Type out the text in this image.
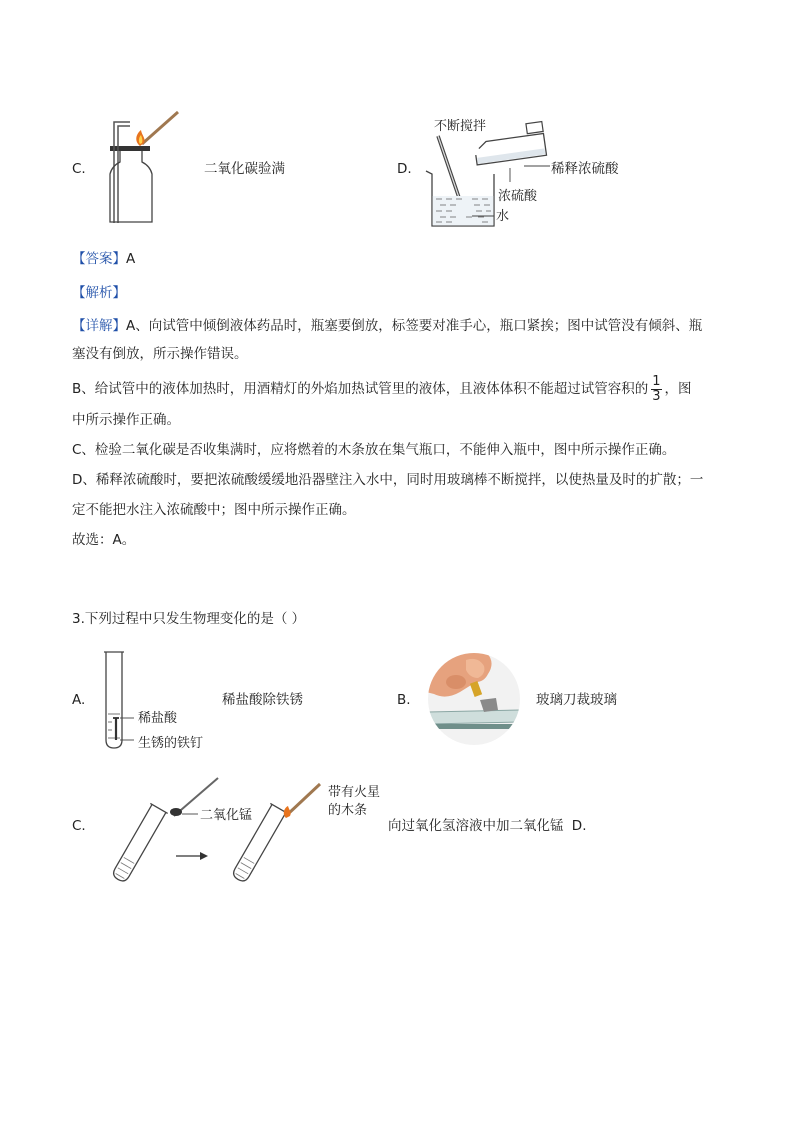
C.	二氧化碳验满	D.
不断搅拌
浓硫酸
水
稀释浓硫酸
【答案】A
【解析】

【详解】A、向试管中倾倒液体药品时，瓶塞要倒放，标签要对准手心，瓶口紧挨；图中试管没有倾斜、瓶

塞没有倒放，所示操作错误。

B、给试管中的液体加热时，用酒精灯的外焰加热试管里的液体，且液体体积不能超过试管容积的 $\frac{1}{3}$ ，图

中所示操作正确。

C、检验二氧化碳是否收集满时，应将燃着的木条放在集气瓶口，不能伸入瓶中，图中所示操作正确。

D、稀释浓硫酸时，要把浓硫酸缓缓地沿器壁注入水中，同时用玻璃棒不断搅拌，以使热量及时的扩散；一

定不能把水注入浓硫酸中；图中所示操作正确。

故选：A。

3.下列过程中只发生物理变化的是（ ）
A.
稀盐酸
生锈的铁钉
稀盐酸除铁锈	B.	玻璃刀裁玻璃
C.
二氧化锰
带有火星
的木条
向过氧化氢溶液中加二氧化锰 D.
